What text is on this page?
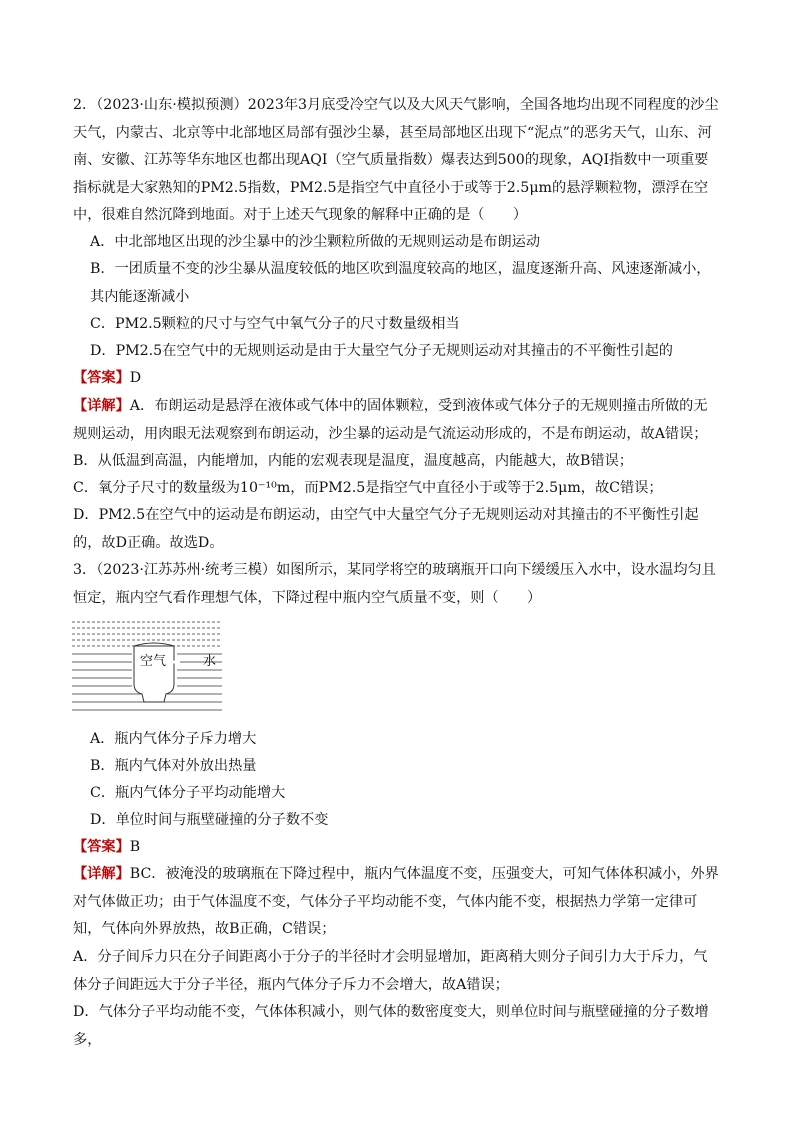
2．（2023·山东·模拟预测）2023年3月底受冷空气以及大风天气影响，全国各地均出现不同程度的沙尘天气，内蒙古、北京等中北部地区局部有强沙尘暴，甚至局部地区出现下“泥点”的恶劣天气，山东、河南、安徽、江苏等华东地区也都出现AQI（空气质量指数）爆表达到500的现象，AQI指数中一项重要指标就是大家熟知的PM2.5指数，PM2.5是指空气中直径小于或等于2.5μm的悬浮颗粒物，漂浮在空中，很难自然沉降到地面。对于上述天气现象的解释中正确的是（　　）

A．中北部地区出现的沙尘暴中的沙尘颗粒所做的无规则运动是布朗运动

B．一团质量不变的沙尘暴从温度较低的地区吹到温度较高的地区，温度逐渐升高、风速逐渐减小，其内能逐渐减小

C．PM2.5颗粒的尺寸与空气中氧气分子的尺寸数量级相当

D．PM2.5在空气中的无规则运动是由于大量空气分子无规则运动对其撞击的不平衡性引起的

【答案】D

【详解】A．布朗运动是悬浮在液体或气体中的固体颗粒，受到液体或气体分子的无规则撞击所做的无规则运动，用肉眼无法观察到布朗运动，沙尘暴的运动是气流运动形成的，不是布朗运动，故A错误；

B．从低温到高温，内能增加，内能的宏观表现是温度，温度越高，内能越大，故B错误；

C．氧分子尺寸的数量级为10⁻¹⁰m，而PM2.5是指空气中直径小于或等于2.5μm，故C错误；

D．PM2.5在空气中的运动是布朗运动，由空气中大量空气分子无规则运动对其撞击的不平衡性引起的，故D正确。故选D。

3．（2023·江苏苏州·统考三模）如图所示，某同学将空的玻璃瓶开口向下缓缓压入水中，设水温均匀且恒定，瓶内空气看作理想气体，下降过程中瓶内空气质量不变，则（　　）

空气	水

A．瓶内气体分子斥力增大

B．瓶内气体对外放出热量

C．瓶内气体分子平均动能增大

D．单位时间与瓶壁碰撞的分子数不变

【答案】B

【详解】BC．被淹没的玻璃瓶在下降过程中，瓶内气体温度不变，压强变大，可知气体体积减小，外界对气体做正功；由于气体温度不变，气体分子平均动能不变，气体内能不变，根据热力学第一定律可知，气体向外界放热，故B正确，C错误；

A．分子间斥力只在分子间距离小于分子的半径时才会明显增加，距离稍大则分子间引力大于斥力，气体分子间距远大于分子半径，瓶内气体分子斥力不会增大，故A错误；

D．气体分子平均动能不变，气体体积减小，则气体的数密度变大，则单位时间与瓶壁碰撞的分子数增多，
